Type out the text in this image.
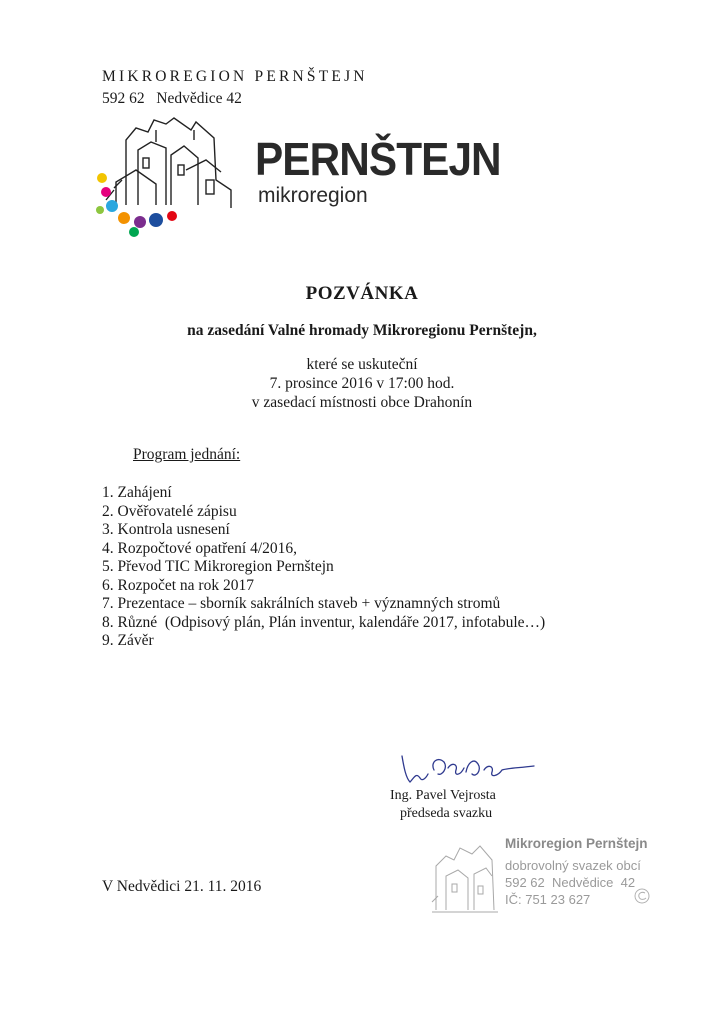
MIKROREGION PERNŠTEJN
592 62   Nedvědice 42
PERNŠTEJN
mikroregion
POZVÁNKA
na zasedání Valné hromady Mikroregionu Pernštejn,
které se uskuteční
7. prosince 2016 v 17:00 hod.
v zasedací místnosti obce Drahonín
Program jednání:
1. Zahájení
2. Ověřovatelé zápisu
3. Kontrola usnesení
4. Rozpočtové opatření 4/2016,
5. Převod TIC Mikroregion Pernštejn
6. Rozpočet na rok 2017
7. Prezentace – sborník sakrálních staveb + významných stromů
8. Různé  (Odpisový plán, Plán inventur, kalendáře 2017, infotabule…)
9. Závěr
Ing. Pavel Vejrosta
předseda svazku
Mikroregion Pernštejn
dobrovolný svazek obcí
592 62  Nedvědice  42
IČ: 751 23 627
V Nedvědici 21. 11. 2016
